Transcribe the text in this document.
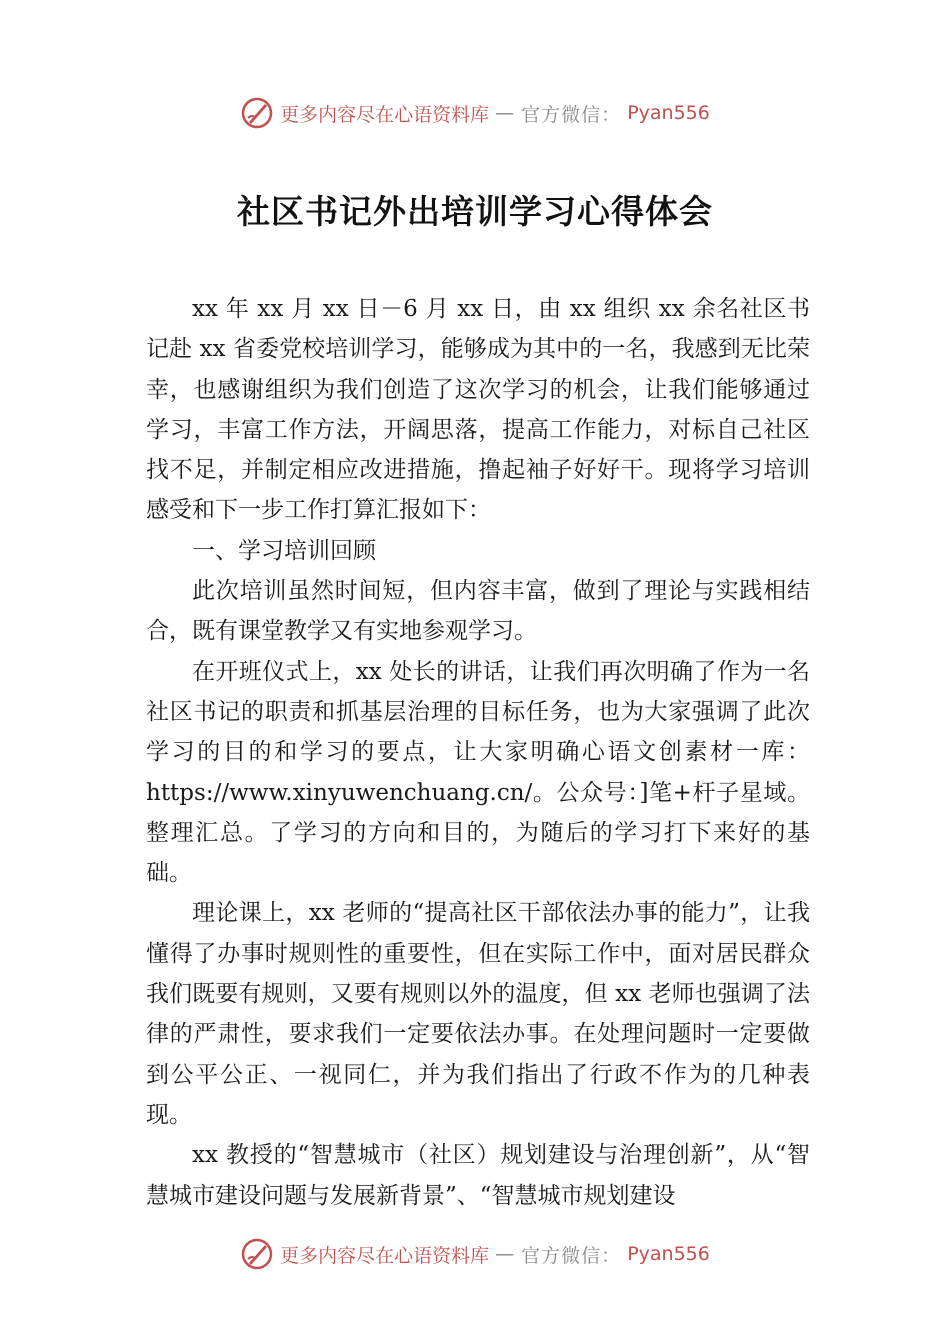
更多内容尽在心语资料库 — 官方微信： Pyan556
社区书记外出培训学习心得体会

xx 年 xx 月 xx 日－6 月 xx 日，由 xx 组织 xx 余名社区书记赴 xx 省委党校培训学习，能够成为其中的一名，我感到无比荣幸，也感谢组织为我们创造了这次学习的机会，让我们能够通过学习，丰富工作方法，开阔思落，提高工作能力，对标自己社区找不足，并制定相应改进措施，撸起袖子好好干。现将学习培训感受和下一步工作打算汇报如下：

一、学习培训回顾

此次培训虽然时间短，但内容丰富，做到了理论与实践相结合，既有课堂教学又有实地参观学习。

在开班仪式上，xx 处长的讲话，让我们再次明确了作为一名社区书记的职责和抓基层治理的目标任务，也为大家强调了此次学习的目的和学习的要点，让大家明确心语文创素材一库：https://www.xinyuwenchuang.cn/。公众号：]笔+杆子星域。整理汇总。了学习的方向和目的，为随后的学习打下来好的基础。

理论课上，xx 老师的“提高社区干部依法办事的能力”，让我懂得了办事时规则性的重要性，但在实际工作中，面对居民群众我们既要有规则，又要有规则以外的温度，但 xx 老师也强调了法律的严肃性，要求我们一定要依法办事。在处理问题时一定要做到公平公正、一视同仁，并为我们指出了行政不作为的几种表现。

xx 教授的“智慧城市（社区）规划建设与治理创新”，从“智慧城市建设问题与发展新背景”、“智慧城市规划建设

更多内容尽在心语资料库 — 官方微信： Pyan556
